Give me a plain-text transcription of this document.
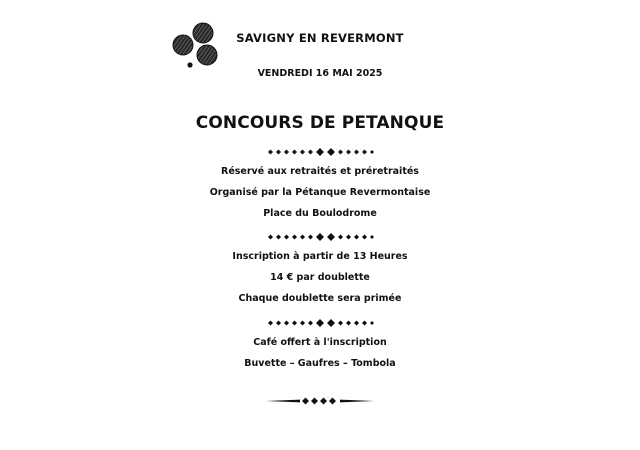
SAVIGNY EN REVERMONT
VENDREDI 16 MAI 2025
CONCOURS DE PETANQUE
Réservé aux retraités et préretraités
Organisé par la Pétanque Revermontaise
Place du Boulodrome
Inscription à partir de 13 Heures
14 € par doublette
Chaque doublette sera primée
Café offert à l'inscription
Buvette – Gaufres – Tombola
